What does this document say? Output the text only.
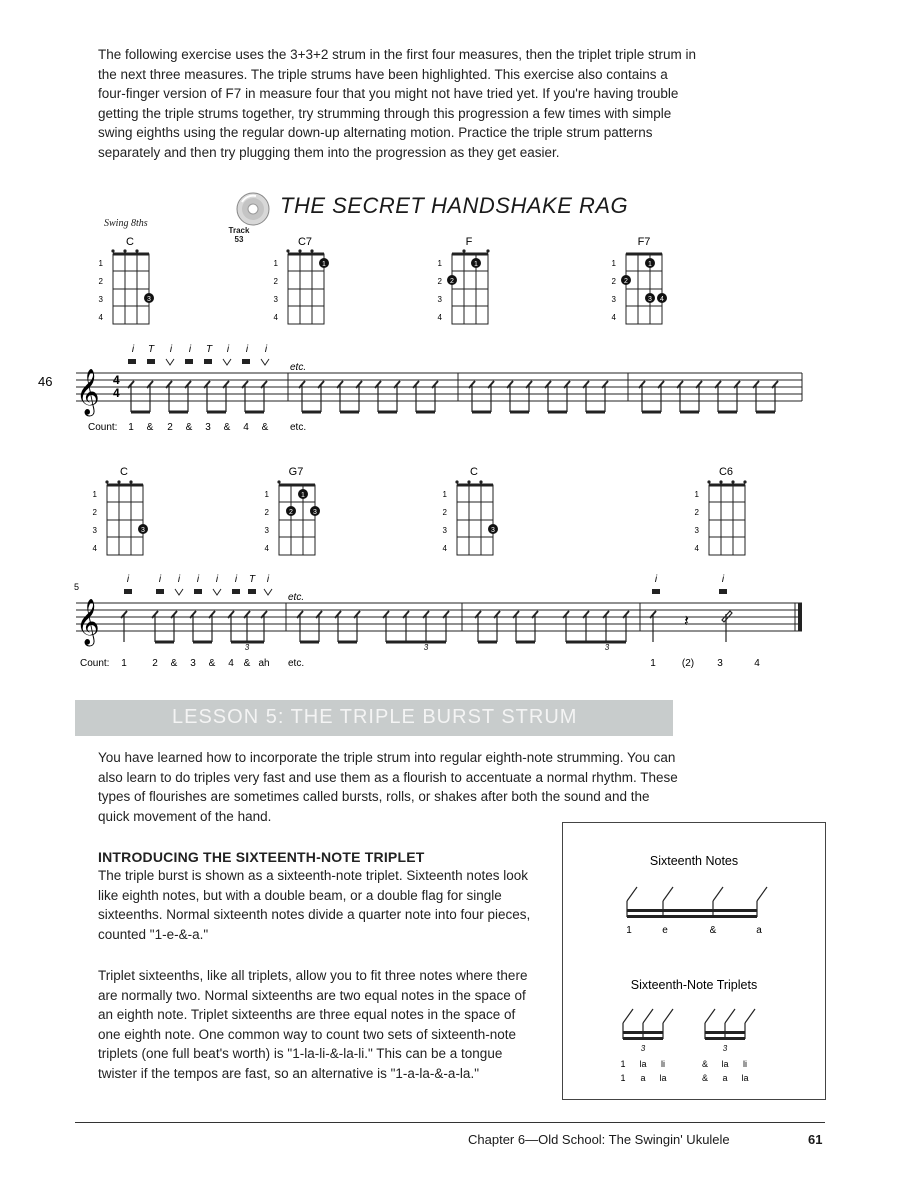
The following exercise uses the 3+3+2 strum in the first four measures, then the triplet triple strum in the next three measures. The triple strums have been highlighted. This exercise also contains a four-finger version of F7 in measure four that you might not have tried yet. If you're having trouble getting the triple strums together, try strumming through this progression a few times with simple swing eighths using the regular down-up alternating motion. Practice the triple strum patterns separately and then try plugging them into the progression as they get easier.
Track
53
THE SECRET HANDSHAKE RAG
Swing 8ths
C	C7	F	F7
3
1
2
3
4
1
1
2
3
4
1
2
1
2
3
4
1
2
3 4
1
2
3
4
i T i i T i i i
46 𝄞 4
4
etc.
Count: 1 & 2 & 3 & 4 & etc.
C	G7	C	C6
3
1
2
3
4
1
2	3
1
2
3
4
3
1
2
3
4
1
2
3
4
i	i i i i i T i	i	i
5
𝄞
etc.
3	3	3
𝄽
Count: 1	2 & 3 & 4 & ah etc.	1	(2) 3	4
LESSON 5: THE TRIPLE BURST STRUM
You have learned how to incorporate the triple strum into regular eighth-note strumming. You can also learn to do triples very fast and use them as a flourish to accentuate a normal rhythm. These types of flourishes are sometimes called bursts, rolls, or shakes after both the sound and the quick movement of the hand.
INTRODUCING THE SIXTEENTH-NOTE TRIPLET
The triple burst is shown as a sixteenth-note triplet. Sixteenth notes look like eighth notes, but with a double beam, or a double flag for single sixteenths. Normal sixteenth notes divide a quarter note into four pieces, counted "1-e-&-a."
Triplet sixteenths, like all triplets, allow you to fit three notes where there are normally two. Normal sixteenths are two equal notes in the space of an eighth note. Triplet sixteenths are three equal notes in the space of one eighth note. One common way to count two sets of sixteenth-note triplets (one full beat's worth) is "1-la-li-&-la-li." This can be a tongue twister if the tempos are fast, so an alternative is "1-a-la-&-a-la."
Sixteenth Notes
1	e	&	a
Sixteenth-Note Triplets
3	3
1 la li	& la li
1 a la	& a la
Chapter 6—Old School: The Swingin' Ukulele	61
